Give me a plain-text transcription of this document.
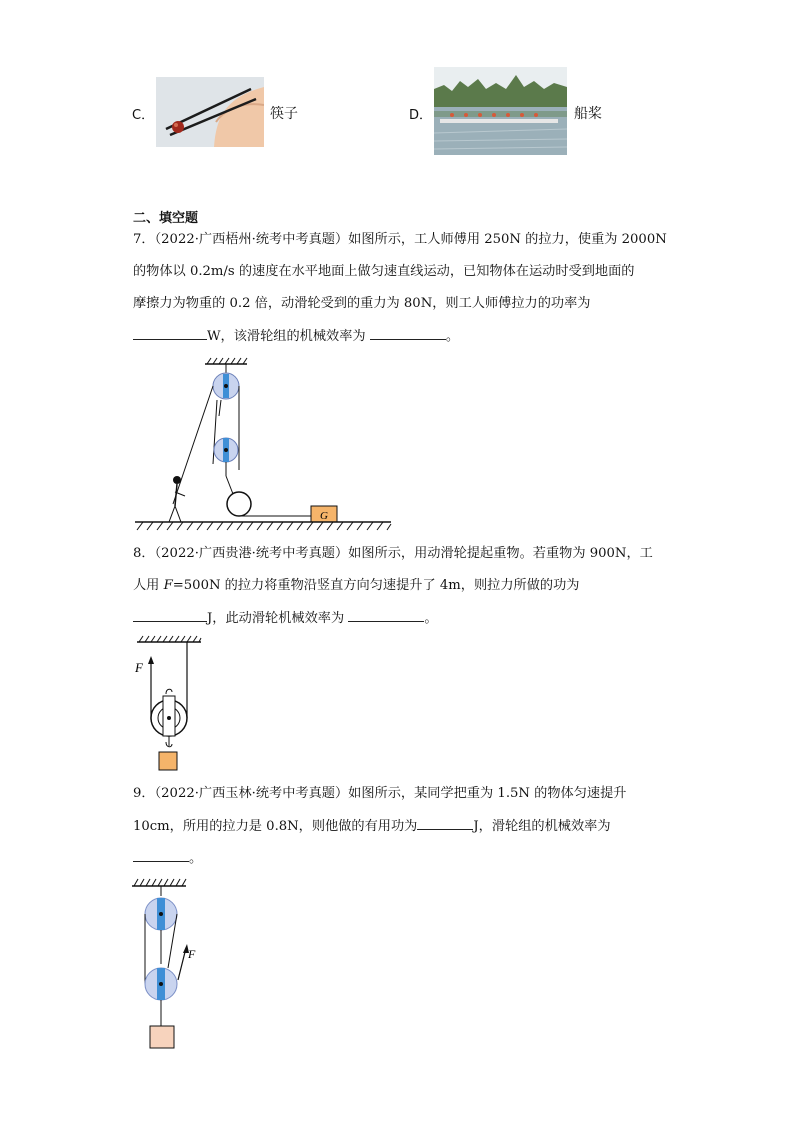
C．	筷子	D．	船桨
二、填空题
7．（2022·广西梧州·统考中考真题）如图所示，工人师傅用 250N 的拉力，使重为 2000N
的物体以 0.2m/s 的速度在水平地面上做匀速直线运动，已知物体在运动时受到地面的
摩擦力为物重的 0.2 倍，动滑轮受到的重力为 80N，则工人师傅拉力的功率为
W，该滑轮组的机械效率为	。
G
8．（2022·广西贵港·统考中考真题）如图所示，用动滑轮提起重物。若重物为 900N，工
人用 F=500N 的拉力将重物沿竖直方向匀速提升了 4m，则拉力所做的功为
J，此动滑轮机械效率为	。
F
9．（2022·广西玉林·统考中考真题）如图所示，某同学把重为 1.5N 的物体匀速提升
10cm，所用的拉力是 0.8N，则他做的有用功为	J，滑轮组的机械效率为
。
F
